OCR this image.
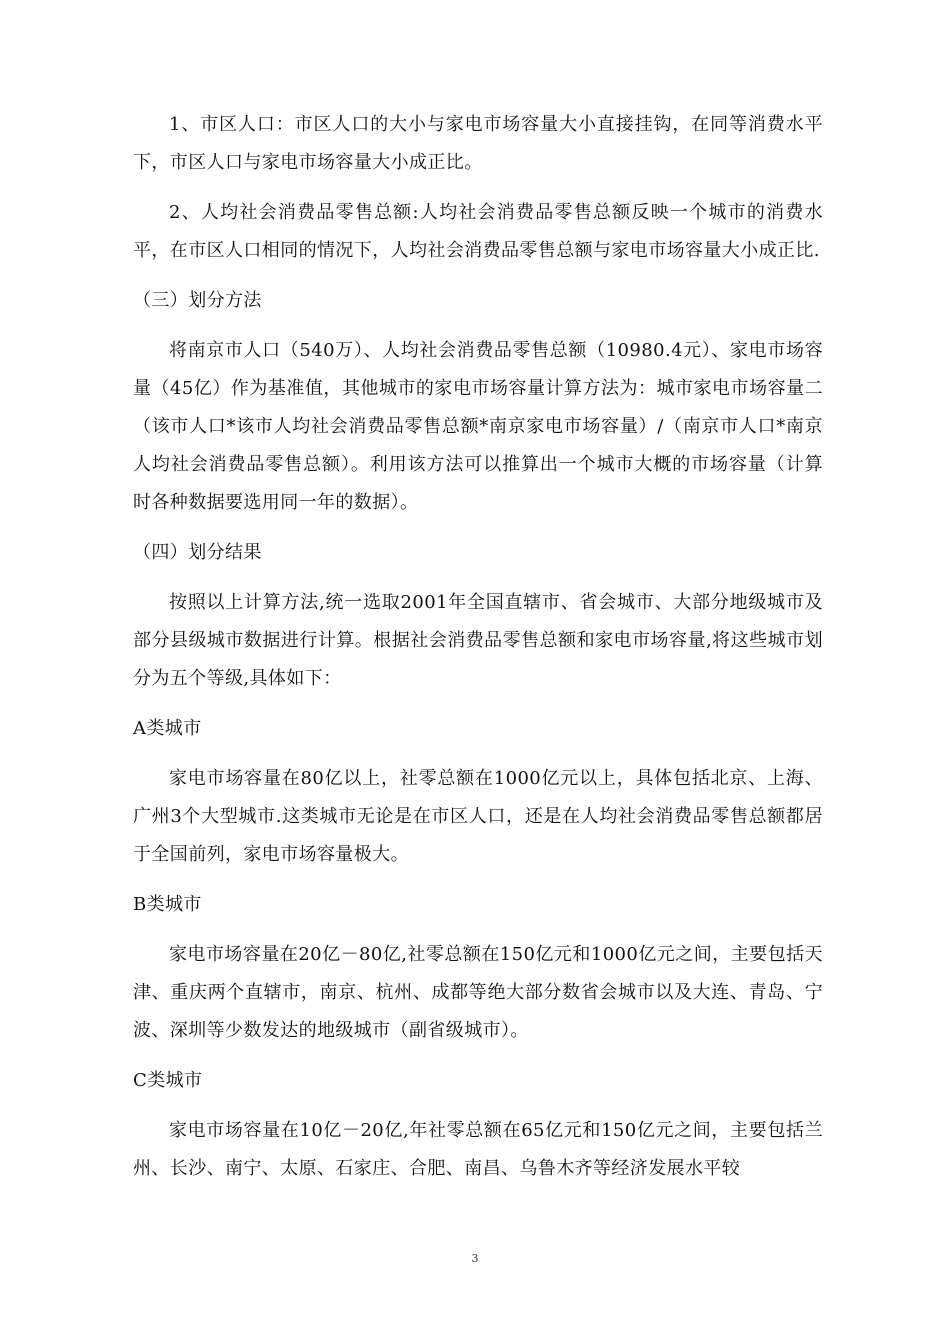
1、市区人口：市区人口的大小与家电市场容量大小直接挂钩，在同等消费水平下，市区人口与家电市场容量大小成正比。

2、人均社会消费品零售总额:人均社会消费品零售总额反映一个城市的消费水平，在市区人口相同的情况下，人均社会消费品零售总额与家电市场容量大小成正比.

（三）划分方法

将南京市人口（540万）、人均社会消费品零售总额（10980.4元）、家电市场容量（45亿）作为基准值，其他城市的家电市场容量计算方法为：城市家电市场容量二（该市人口*该市人均社会消费品零售总额*南京家电市场容量）/（南京市人口*南京人均社会消费品零售总额）。利用该方法可以推算出一个城市大概的市场容量（计算时各种数据要选用同一年的数据）。

（四）划分结果

按照以上计算方法,统一选取2001年全国直辖市、省会城市、大部分地级城市及部分县级城市数据进行计算。根据社会消费品零售总额和家电市场容量,将这些城市划分为五个等级,具体如下：

A类城市

家电市场容量在80亿以上，社零总额在1000亿元以上，具体包括北京、上海、广州3个大型城市.这类城市无论是在市区人口，还是在人均社会消费品零售总额都居于全国前列，家电市场容量极大。

B类城市

家电市场容量在20亿－80亿,社零总额在150亿元和1000亿元之间，主要包括天津、重庆两个直辖市，南京、杭州、成都等绝大部分数省会城市以及大连、青岛、宁波、深圳等少数发达的地级城市（副省级城市）。

C类城市

家电市场容量在10亿－20亿,年社零总额在65亿元和150亿元之间，主要包括兰州、长沙、南宁、太原、石家庄、合肥、南昌、乌鲁木齐等经济发展水平较

3
